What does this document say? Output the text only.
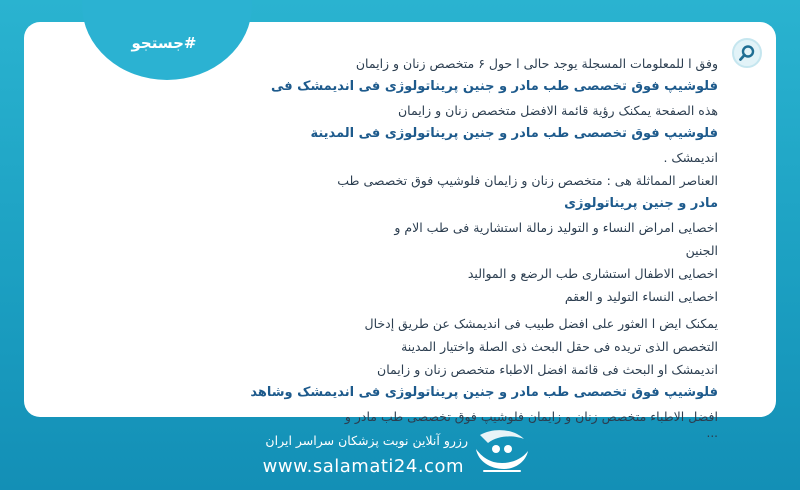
#جستجو
وفق ا للمعلومات المسجلة یوجد حالی ا حول ۶ متخصص زنان و زایمان
فلوشیپ فوق تخصصی طب مادر و جنین پریناتولوژی فی اندیمشک فی
هذه الصفحة یمکنک رؤیة قائمة الافضل متخصص زنان و زایمان
فلوشیپ فوق تخصصی طب مادر و جنین پریناتولوژی فی المدینة
اندیمشک .
العناصر المماثلة هی : متخصص زنان و زایمان فلوشیپ فوق تخصصی طب
مادر و جنین پریناتولوژی
اخصایی امراض النساء و التولید زمالة استشاریة فی طب الام و
الجنین
اخصایی الاطفال استشاری طب الرضع و الموالید
اخصایی النساء التولید و العقم
یمکنک ایض ا العثور علی افضل طبیب فی اندیمشک عن طریق إدخال
التخصص الذی تریده فی حقل البحث ذی الصلة واختیار المدینة
اندیمشک او البحث فی قائمة افضل الاطباء متخصص زنان و زایمان
فلوشیپ فوق تخصصی طب مادر و جنین پریناتولوژی فی اندیمشک وشاهد
افضل الاطباء متخصص زنان و زایمان فلوشیپ فوق تخصصی طب مادر و
...
رزرو آنلاین نوبت پزشکان سراسر ایران
www.salamati24.com
